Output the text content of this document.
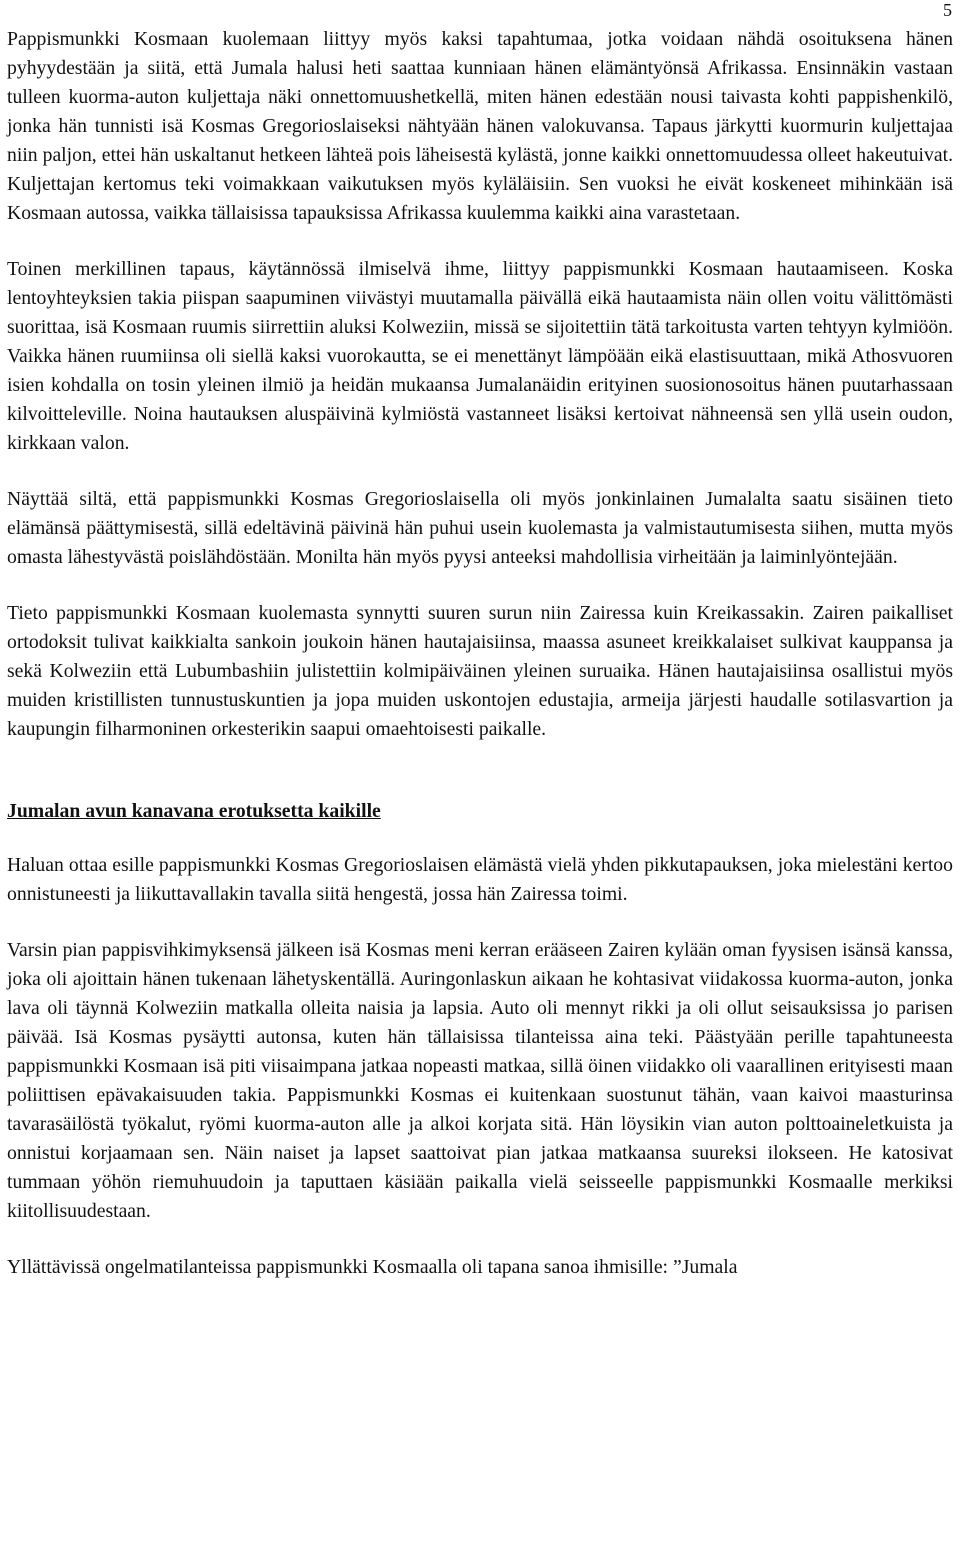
5

Pappismunkki Kosmaan kuolemaan liittyy myös kaksi tapahtumaa, jotka voidaan nähdä osoituksena hänen pyhyydestään ja siitä, että Jumala halusi heti saattaa kunniaan hänen elämäntyönsä Afrikassa. Ensinnäkin vastaan tulleen kuorma-auton kuljettaja näki onnettomuushetkellä, miten hänen edestään nousi taivasta kohti pappishenkilö, jonka hän tunnisti isä Kosmas Gregorioslaiseksi nähtyään hänen valokuvansa. Tapaus järkytti kuormurin kuljettajaa niin paljon, ettei hän uskaltanut hetkeen lähteä pois läheisestä kylästä, jonne kaikki onnettomuudessa olleet hakeutuivat. Kuljettajan kertomus teki voimakkaan vaikutuksen myös kyläläisiin. Sen vuoksi he eivät koskeneet mihinkään isä Kosmaan autossa, vaikka tällaisissa tapauksissa Afrikassa kuulemma kaikki aina varastetaan.

Toinen merkillinen tapaus, käytännössä ilmiselvä ihme, liittyy pappismunkki Kosmaan hautaamiseen. Koska lentoyhteyksien takia piispan saapuminen viivästyi muutamalla päivällä eikä hautaamista näin ollen voitu välittömästi suorittaa, isä Kosmaan ruumis siirrettiin aluksi Kolweziin, missä se sijoitettiin tätä tarkoitusta varten tehtyyn kylmiöön. Vaikka hänen ruumiinsa oli siellä kaksi vuorokautta, se ei menettänyt lämpöään eikä elastisuuttaan, mikä Athosvuoren isien kohdalla on tosin yleinen ilmiö ja heidän mukaansa Jumalanäidin erityinen suosionosoitus hänen puutarhassaan kilvoitteleville. Noina hautauksen aluspäivinä kylmiöstä vastanneet lisäksi kertoivat nähneensä sen yllä usein oudon, kirkkaan valon.

Näyttää siltä, että pappismunkki Kosmas Gregorioslaisella oli myös jonkinlainen Jumalalta saatu sisäinen tieto elämänsä päättymisestä, sillä edeltävinä päivinä hän puhui usein kuolemasta ja valmistautumisesta siihen, mutta myös omasta lähestyvästä poislähdöstään. Monilta hän myös pyysi anteeksi mahdollisia virheitään ja laiminlyöntejään.

Tieto pappismunkki Kosmaan kuolemasta synnytti suuren surun niin Zairessa kuin Kreikassakin. Zairen paikalliset ortodoksit tulivat kaikkialta sankoin joukoin hänen hautajaisiinsa, maassa asuneet kreikkalaiset sulkivat kauppansa ja sekä Kolweziin että Lubumbashiin julistettiin kolmipäiväinen yleinen suruaika. Hänen hautajaisiinsa osallistui myös muiden kristillisten tunnustuskuntien ja jopa muiden uskontojen edustajia, armeija järjesti haudalle sotilasvartion ja kaupungin filharmoninen orkesterikin saapui omaehtoisesti paikalle.

Jumalan avun kanavana erotuksetta kaikille

Haluan ottaa esille pappismunkki Kosmas Gregorioslaisen elämästä vielä yhden pikkutapauksen, joka mielestäni kertoo onnistuneesti ja liikuttavallakin tavalla siitä hengestä, jossa hän Zairessa toimi.

Varsin pian pappisvihkimyksensä jälkeen isä Kosmas meni kerran erääseen Zairen kylään oman fyysisen isänsä kanssa, joka oli ajoittain hänen tukenaan lähetyskentällä. Auringonlaskun aikaan he kohtasivat viidakossa kuorma-auton, jonka lava oli täynnä Kolweziin matkalla olleita naisia ja lapsia. Auto oli mennyt rikki ja oli ollut seisauksissa jo parisen päivää. Isä Kosmas pysäytti autonsa, kuten hän tällaisissa tilanteissa aina teki. Päästyään perille tapahtuneesta pappismunkki Kosmaan isä piti viisaimpana jatkaa nopeasti matkaa, sillä öinen viidakko oli vaarallinen erityisesti maan poliittisen epävakaisuuden takia. Pappismunkki Kosmas ei kuitenkaan suostunut tähän, vaan kaivoi maasturinsa tavarasäilöstä työkalut, ryömi kuorma-auton alle ja alkoi korjata sitä. Hän löysikin vian auton polttoaineletkuista ja onnistui korjaamaan sen. Näin naiset ja lapset saattoivat pian jatkaa matkaansa suureksi ilokseen. He katosivat tummaan yöhön riemuhuudoin ja taputtaen käsiään paikalla vielä seisseelle pappismunkki Kosmaalle merkiksi kiitollisuudestaan.

Yllättävissä ongelmatilanteissa pappismunkki Kosmaalla oli tapana sanoa ihmisille: ”Jumala
